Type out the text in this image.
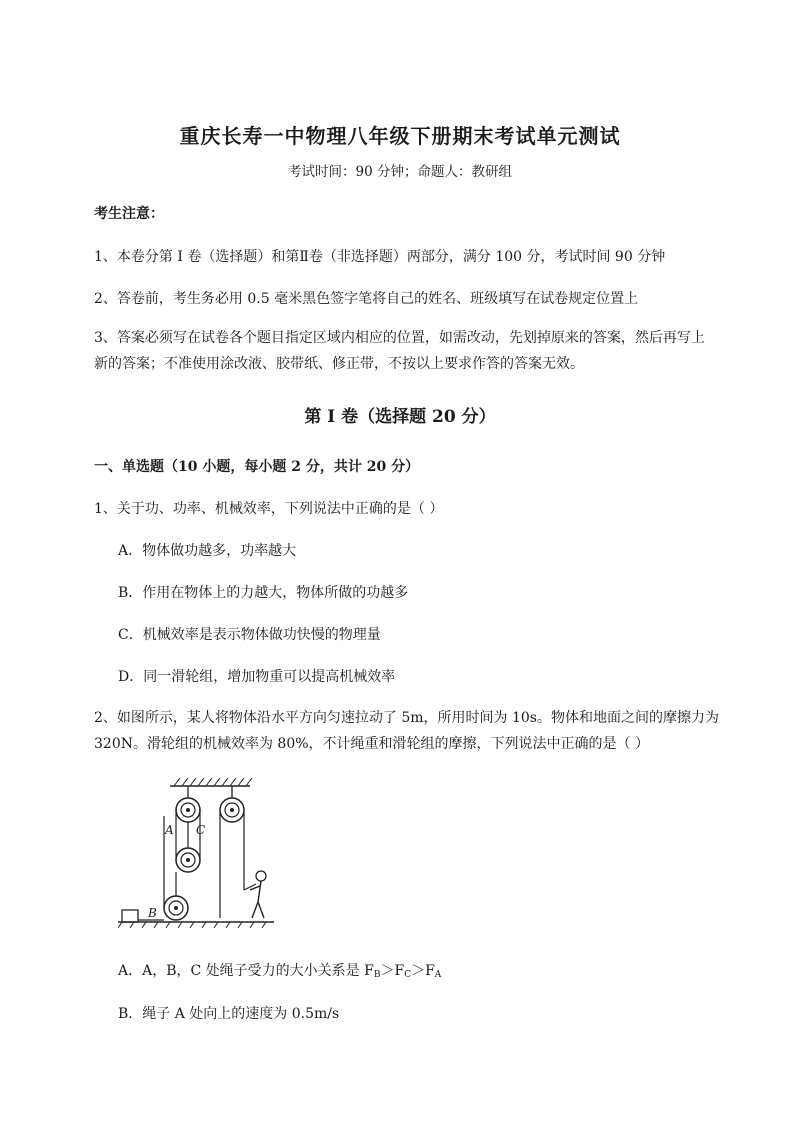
重庆长寿一中物理八年级下册期末考试单元测试
考试时间：90 分钟；命题人：教研组
考生注意：
1、本卷分第 I 卷（选择题）和第Ⅱ卷（非选择题）两部分，满分 100 分，考试时间 90 分钟
2、答卷前，考生务必用 0.5 毫米黑色签字笔将自己的姓名、班级填写在试卷规定位置上
3、答案必须写在试卷各个题目指定区域内相应的位置，如需改动，先划掉原来的答案，然后再写上新的答案；不准使用涂改液、胶带纸、修正带，不按以上要求作答的答案无效。
第 I 卷（选择题 20 分）
一、单选题（10 小题，每小题 2 分，共计 20 分）
1、关于功、功率、机械效率，下列说法中正确的是（ ）
A．物体做功越多，功率越大
B．作用在物体上的力越大，物体所做的功越多
C．机械效率是表示物体做功快慢的物理量
D．同一滑轮组，增加物重可以提高机械效率
2、如图所示，某人将物体沿水平方向匀速拉动了 5m，所用时间为 10s。物体和地面之间的摩擦力为 320N。滑轮组的机械效率为 80%，不计绳重和滑轮组的摩擦，下列说法中正确的是（ ）
A C
B
A．A，B，C 处绳子受力的大小关系是 $F_B>F_C>F_A$
B．绳子 A 处向上的速度为 0.5m/s
